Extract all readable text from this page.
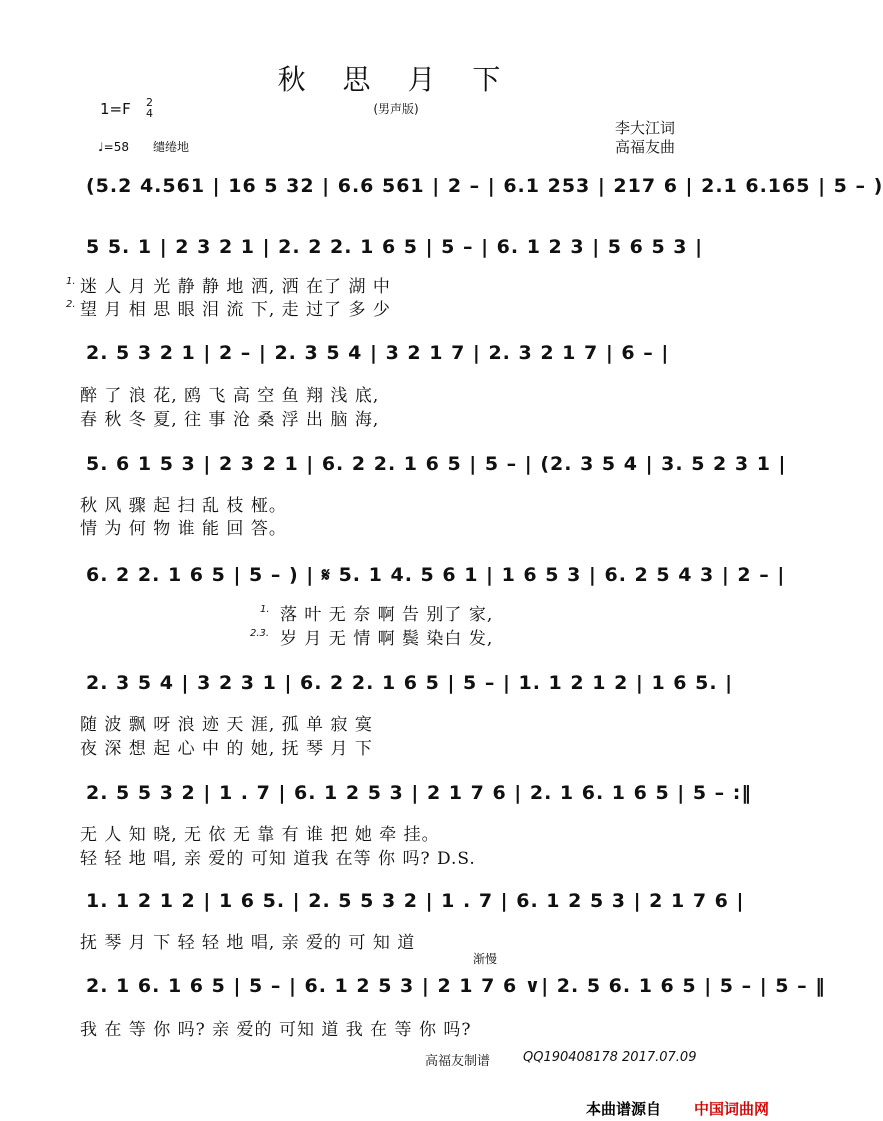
秋 思 月 下
(男声版)
1=F 2
4
♩=58　　缱绻地
李大江词
高福友曲
(5.2 4.561 | 16 5 32 | 6.6 561 | 2 – | 6.1 253 | 217 6 | 2.1 6.165 | 5 – )
5 5. 1 | 2 3 2 1 | 2. 2 2. 1 6 5 | 5 – | 6. 1 2 3 | 5 6 5 3 |
1. 迷 人 月 光 静 静 地 洒, 洒 在了 湖 中
2. 望 月 相 思 眼 泪 流 下, 走 过了 多 少
2. 5 3 2 1 | 2 – | 2. 3 5 4 | 3 2 1 7 | 2. 3 2 1 7 | 6 – |
醉 了 浪 花, 鸥 飞 高 空 鱼 翔 浅 底,
春 秋 冬 夏, 往 事 沧 桑 浮 出 脑 海,
5. 6 1 5 3 | 2 3 2 1 | 6. 2 2. 1 6 5 | 5 – | (2. 3 5 4 | 3. 5 2 3 1 |
秋 风 骤 起 扫 乱 枝 桠。
情 为 何 物 谁 能 回 答。
6. 2 2. 1 6 5 | 5 – ) | 𝄋 5. 1 4. 5 6 1 | 1 6 5 3 | 6. 2 5 4 3 | 2 – |
1. 落 叶 无 奈 啊 告 别了 家,
2.3. 岁 月 无 情 啊 鬓 染白 发,
2. 3 5 4 | 3 2 3 1 | 6. 2 2. 1 6 5 | 5 – | 1. 1 2 1 2 | 1 6 5. |
随 波 飘 呀 浪 迹 天 涯, 孤 单 寂 寞
夜 深 想 起 心 中 的 她, 抚 琴 月 下
2. 5 5 3 2 | 1 . 7 | 6. 1 2 5 3 | 2 1 7 6 | 2. 1 6. 1 6 5 | 5 – :‖
无 人 知 晓, 无 依 无 靠 有 谁 把 她 牵 挂。
轻 轻 地 唱, 亲 爱的 可知 道我 在等 你 吗? D.S.
1. 1 2 1 2 | 1 6 5. | 2. 5 5 3 2 | 1 . 7 | 6. 1 2 5 3 | 2 1 7 6 |
抚 琴 月 下 轻 轻 地 唱, 亲 爱的 可 知 道
渐慢
2. 1 6. 1 6 5 | 5 – | 6. 1 2 5 3 | 2 1 7 6 ∨| 2. 5 6. 1 6 5 | 5 – | 5 – ‖
我 在 等 你 吗? 亲 爱的 可知 道 我 在 等 你 吗?
高福友制谱	QQ190408178 2017.07.09
本曲谱源自 中国词曲网
